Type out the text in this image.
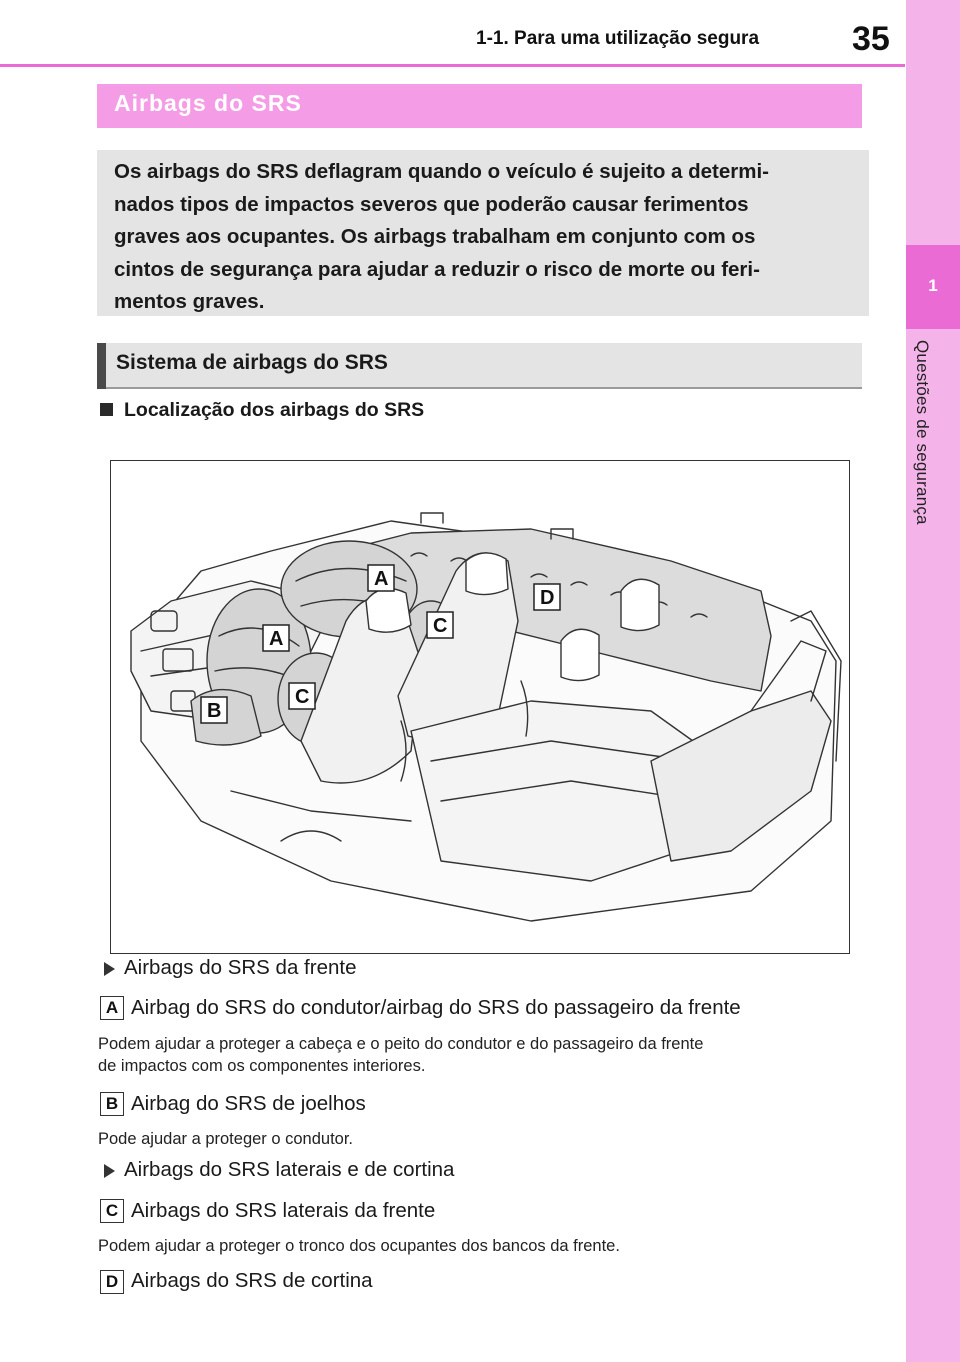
1-1. Para uma utilização segura	35
1
Questões de segurança
Airbags do SRS
Os airbags do SRS deflagram quando o veículo é sujeito a determi-
nados tipos de impactos severos que poderão causar ferimentos
graves aos ocupantes. Os airbags trabalham em conjunto com os
cintos de segurança para ajudar a reduzir o risco de morte ou feri-
mentos graves.
Sistema de airbags do SRS
Localização dos airbags do SRS
A
A
B
C
C
D
Airbags do SRS da frente
A Airbag do SRS do condutor/airbag do SRS do passageiro da frente
Podem ajudar a proteger a cabeça e o peito do condutor e do passageiro da frente
de impactos com os componentes interiores.
B Airbag do SRS de joelhos
Pode ajudar a proteger o condutor.
Airbags do SRS laterais e de cortina
C Airbags do SRS laterais da frente
Podem ajudar a proteger o tronco dos ocupantes dos bancos da frente.
D Airbags do SRS de cortina
